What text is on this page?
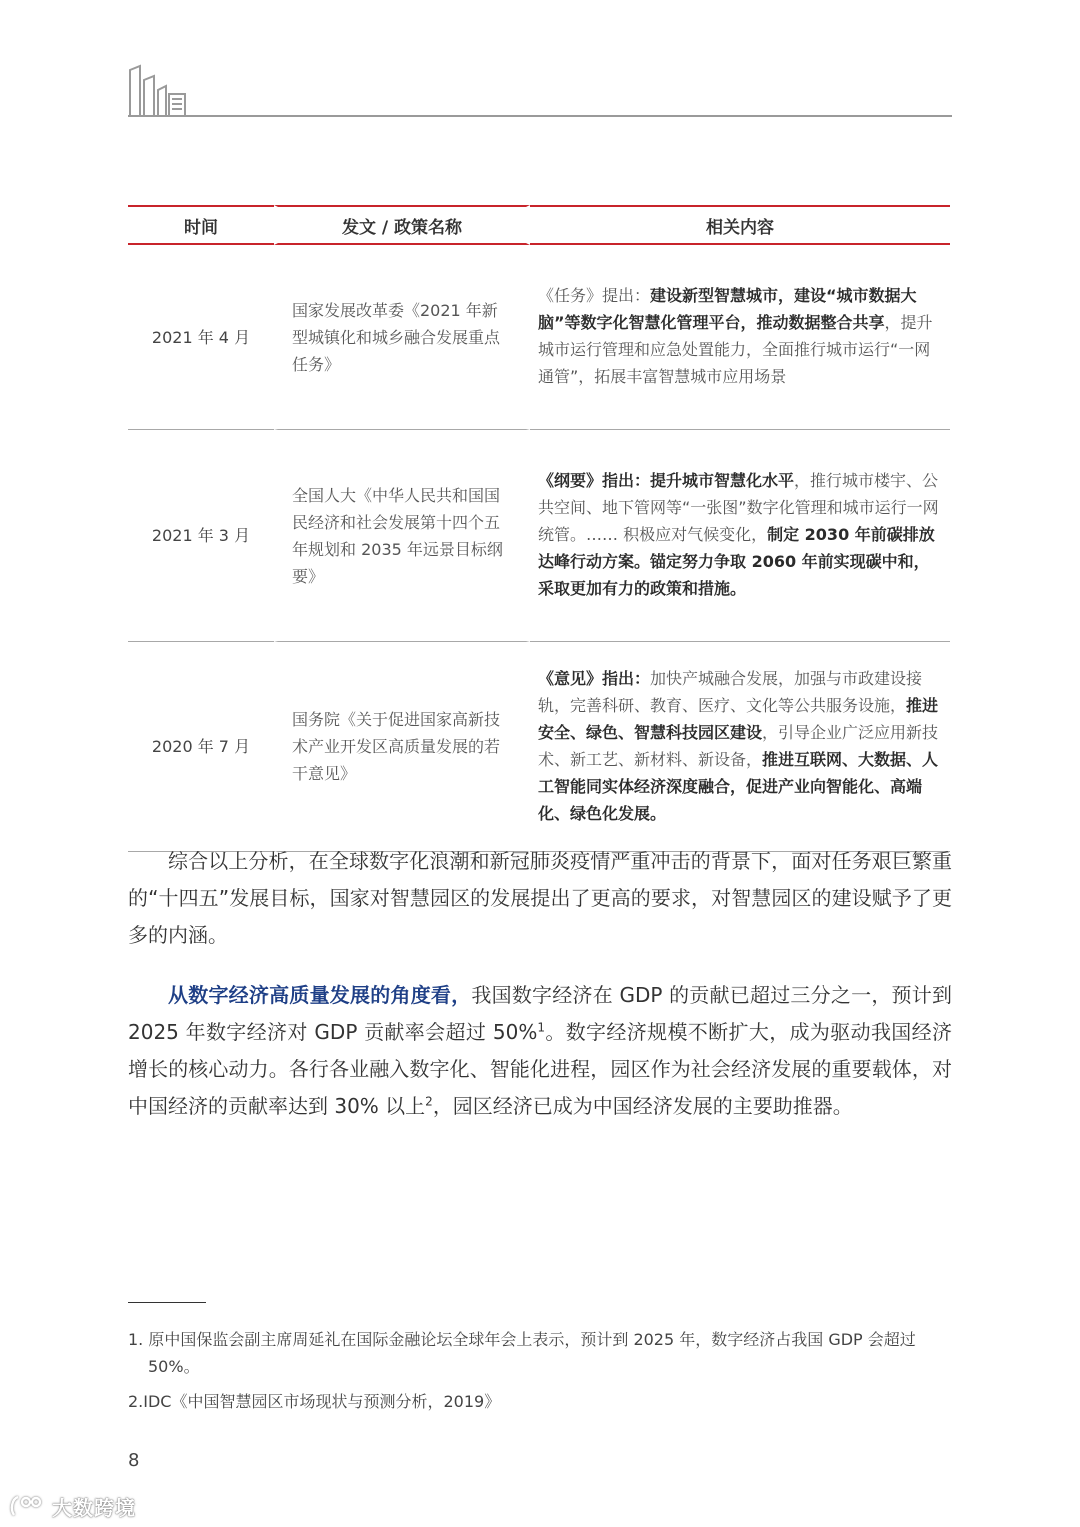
时间	发文 / 政策名称	相关内容
2021 年 4 月	国家发展改革委《2021 年新型城镇化和城乡融合发展重点任务》	《任务》提出：建设新型智慧城市，建设“城市数据大脑”等数字化智慧化管理平台，推动数据整合共享，提升城市运行管理和应急处置能力，全面推行城市运行“一网通管”，拓展丰富智慧城市应用场景
2021 年 3 月	全国人大《中华人民共和国国民经济和社会发展第十四个五年规划和 2035 年远景目标纲要》	《纲要》指出：提升城市智慧化水平，推行城市楼宇、公共空间、地下管网等“一张图”数字化管理和城市运行一网统管。…… 积极应对气候变化，制定 2030 年前碳排放达峰行动方案。锚定努力争取 2060 年前实现碳中和，采取更加有力的政策和措施。
2020 年 7 月	国务院《关于促进国家高新技术产业开发区高质量发展的若干意见》	《意见》指出：加快产城融合发展，加强与市政建设接轨，完善科研、教育、医疗、文化等公共服务设施，推进安全、绿色、智慧科技园区建设，引导企业广泛应用新技术、新工艺、新材料、新设备，推进互联网、大数据、人工智能同实体经济深度融合，促进产业向智能化、高端化、绿色化发展。

综合以上分析，在全球数字化浪潮和新冠肺炎疫情严重冲击的背景下，面对任务艰巨繁重的“十四五”发展目标，国家对智慧园区的发展提出了更高的要求，对智慧园区的建设赋予了更多的内涵。

从数字经济高质量发展的角度看，我国数字经济在 GDP 的贡献已超过三分之一，预计到 2025 年数字经济对 GDP 贡献率会超过 50%$^1$。数字经济规模不断扩大，成为驱动我国经济增长的核心动力。各行各业融入数字化、智能化进程，园区作为社会经济发展的重要载体，对中国经济的贡献率达到 30% 以上$^2$，园区经济已成为中国经济发展的主要助推器。

1. 原中国保监会副主席周延礼在国际金融论坛全球年会上表示，预计到 2025 年，数字经济占我国 GDP 会超过 50%。

2.IDC《中国智慧园区市场现状与预测分析，2019》

8
大数跨境
